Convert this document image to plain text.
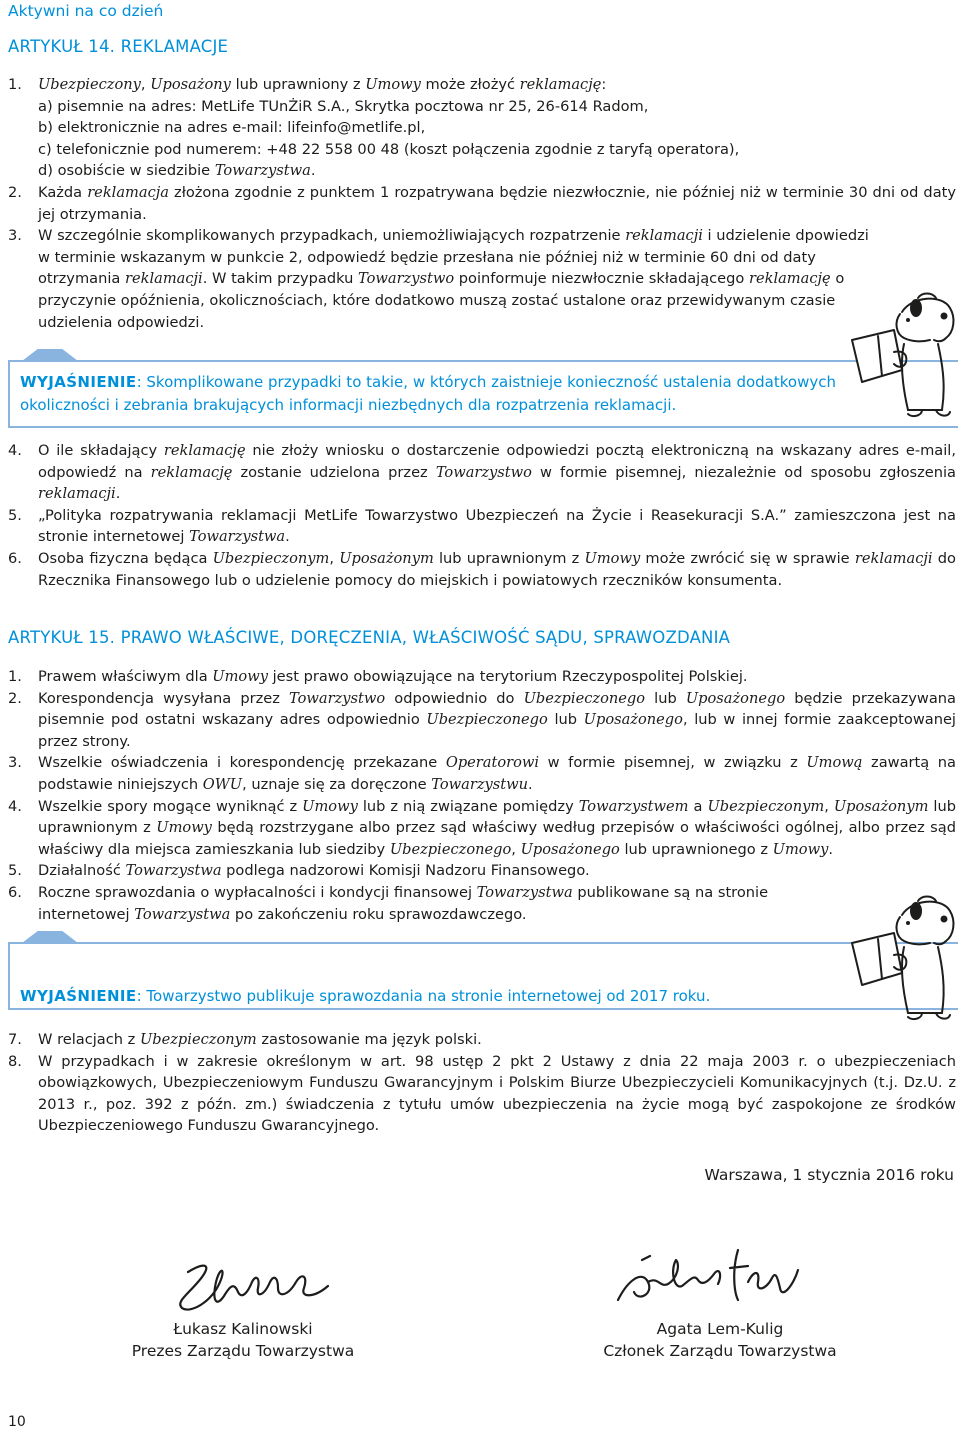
Aktywni na co dzień
ARTYKUŁ 14. REKLAMACJE
1.	Ubezpieczony, Uposażony lub uprawniony z Umowy może złożyć reklamację:
a) pisemnie na adres: MetLife TUnŻiR S.A., Skrytka pocztowa nr 25, 26-614 Radom,
b) elektronicznie na adres e-mail: lifeinfo@metlife.pl,
c) telefonicznie pod numerem: +48 22 558 00 48 (koszt połączenia zgodnie z taryfą operatora),
d) osobiście w siedzibie Towarzystwa.
2.	Każda reklamacja złożona zgodnie z punktem 1 rozpatrywana będzie niezwłocznie, nie później niż w terminie 30 dni od daty jej otrzymania.
3.	W szczególnie skomplikowanych przypadkach, uniemożliwiających rozpatrzenie reklamacji i udzielenie dpowiedzi w terminie wskazanym w punkcie 2, odpowiedź będzie przesłana nie później niż w terminie 60 dni od daty otrzymania reklamacji. W takim przypadku Towarzystwo poinformuje niezwłocznie składającego reklamację o przyczynie opóźnienia, okolicznościach, które dodatkowo muszą zostać ustalone oraz przewidywanym czasie udzielenia odpowiedzi.
WYJAŚNIENIE: Skomplikowane przypadki to takie, w których zaistnieje konieczność ustalenia dodatkowych okoliczności i zebrania brakujących informacji niezbędnych dla rozpatrzenia reklamacji.
4.	O ile składający reklamację nie złoży wniosku o dostarczenie odpowiedzi pocztą elektroniczną na wskazany adres e-mail, odpowiedź na reklamację zostanie udzielona przez Towarzystwo w formie pisemnej, niezależnie od sposobu zgłoszenia reklamacji.
5.	„Polityka rozpatrywania reklamacji MetLife Towarzystwo Ubezpieczeń na Życie i Reasekuracji S.A.” zamieszczona jest na stronie internetowej Towarzystwa.
6.	Osoba fizyczna będąca Ubezpieczonym, Uposażonym lub uprawnionym z Umowy może zwrócić się w sprawie reklamacji do Rzecznika Finansowego lub o udzielenie pomocy do miejskich i powiatowych rzeczników konsumenta.
ARTYKUŁ 15. PRAWO WŁAŚCIWE, DORĘCZENIA, WŁAŚCIWOŚĆ SĄDU, SPRAWOZDANIA
1.	Prawem właściwym dla Umowy jest prawo obowiązujące na terytorium Rzeczypospolitej Polskiej.
2.	Korespondencja wysyłana przez Towarzystwo odpowiednio do Ubezpieczonego lub Uposażonego będzie przekazywana pisemnie pod ostatni wskazany adres odpowiednio Ubezpieczonego lub Uposażonego, lub w innej formie zaakceptowanej przez strony.
3.	Wszelkie oświadczenia i korespondencję przekazane Operatorowi w formie pisemnej, w związku z Umową zawartą na podstawie niniejszych OWU, uznaje się za doręczone Towarzystwu.
4.	Wszelkie spory mogące wyniknąć z Umowy lub z nią związane pomiędzy Towarzystwem a Ubezpieczonym, Uposażonym lub uprawnionym z Umowy będą rozstrzygane albo przez sąd właściwy według przepisów o właściwości ogólnej, albo przez sąd właściwy dla miejsca zamieszkania lub siedziby Ubezpieczonego, Uposażonego lub uprawnionego z Umowy.
5.	Działalność Towarzystwa podlega nadzorowi Komisji Nadzoru Finansowego.
6.	Roczne sprawozdania o wypłacalności i kondycji finansowej Towarzystwa publikowane są na stronie internetowej Towarzystwa po zakończeniu roku sprawozdawczego.
WYJAŚNIENIE: Towarzystwo publikuje sprawozdania na stronie internetowej od 2017 roku.
7.	W relacjach z Ubezpieczonym zastosowanie ma język polski.
8.	W przypadkach i w zakresie określonym w art. 98 ustęp 2 pkt 2 Ustawy z dnia 22 maja 2003 r. o ubezpieczeniach obowiązkowych, Ubezpieczeniowym Funduszu Gwarancyjnym i Polskim Biurze Ubezpieczycieli Komunikacyjnych (t.j. Dz.U. z 2013 r., poz. 392 z późn. zm.) świadczenia z tytułu umów ubezpieczenia na życie mogą być zaspokojone ze środków Ubezpieczeniowego Funduszu Gwarancyjnego.
Warszawa, 1 stycznia 2016 roku
Łukasz Kalinowski
Prezes Zarządu Towarzystwa
Agata Lem-Kulig
Członek Zarządu Towarzystwa
10
